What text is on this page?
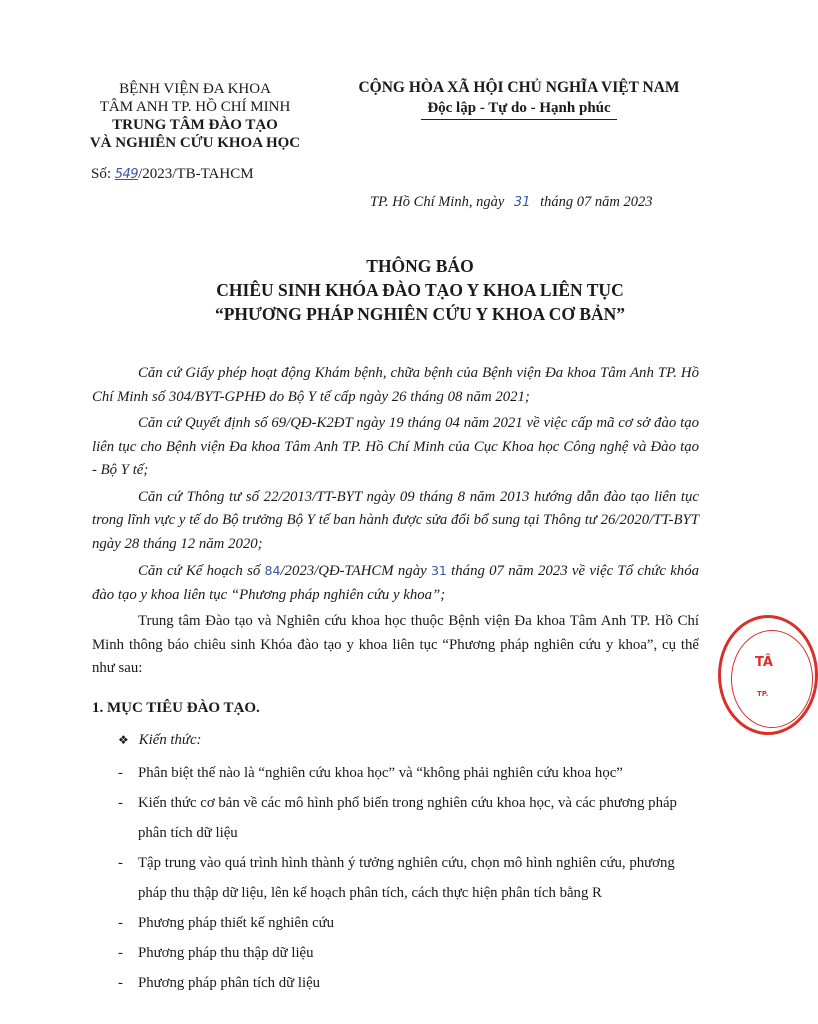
BỆNH VIỆN ĐA KHOA
TÂM ANH TP. HỒ CHÍ MINH
TRUNG TÂM ĐÀO TẠO
VÀ NGHIÊN CỨU KHOA HỌC
Số: 549/2023/TB-TAHCM
CỘNG HÒA XÃ HỘI CHỦ NGHĨA VIỆT NAM
Độc lập - Tự do - Hạnh phúc
TP. Hồ Chí Minh, ngày 31 tháng 07 năm 2023
THÔNG BÁO
CHIÊU SINH KHÓA ĐÀO TẠO Y KHOA LIÊN TỤC
“PHƯƠNG PHÁP NGHIÊN CỨU Y KHOA CƠ BẢN”

Căn cứ Giấy phép hoạt động Khám bệnh, chữa bệnh của Bệnh viện Đa khoa Tâm Anh TP. Hồ Chí Minh số 304/BYT-GPHĐ do Bộ Y tế cấp ngày 26 tháng 08 năm 2021;

Căn cứ Quyết định số 69/QĐ-K2ĐT ngày 19 tháng 04 năm 2021 về việc cấp mã cơ sở đào tạo liên tục cho Bệnh viện Đa khoa Tâm Anh TP. Hồ Chí Minh của Cục Khoa học Công nghệ và Đào tạo - Bộ Y tế;

Căn cứ Thông tư số 22/2013/TT-BYT ngày 09 tháng 8 năm 2013 hướng dẫn đào tạo liên tục trong lĩnh vực y tế do Bộ trưởng Bộ Y tế ban hành được sửa đổi bổ sung tại Thông tư 26/2020/TT-BYT ngày 28 tháng 12 năm 2020;

Căn cứ Kế hoạch số 84/2023/QĐ-TAHCM ngày 31 tháng 07 năm 2023 về việc Tổ chức khóa đào tạo y khoa liên tục “Phương pháp nghiên cứu y khoa”;

Trung tâm Đào tạo và Nghiên cứu khoa học thuộc Bệnh viện Đa khoa Tâm Anh TP. Hồ Chí Minh thông báo chiêu sinh Khóa đào tạo y khoa liên tục “Phương pháp nghiên cứu y khoa”, cụ thể như sau:

1. MỤC TIÊU ĐÀO TẠO.
❖ Kiến thức:
- Phân biệt thế nào là “nghiên cứu khoa học” và “không phải nghiên cứu khoa học”
- Kiến thức cơ bản về các mô hình phổ biến trong nghiên cứu khoa học, và các phương pháp phân tích dữ liệu
- Tập trung vào quá trình hình thành ý tưởng nghiên cứu, chọn mô hình nghiên cứu, phương pháp thu thập dữ liệu, lên kế hoạch phân tích, cách thực hiện phân tích bằng R
- Phương pháp thiết kế nghiên cứu
- Phương pháp thu thập dữ liệu
- Phương pháp phân tích dữ liệu
TÂ
TP.
